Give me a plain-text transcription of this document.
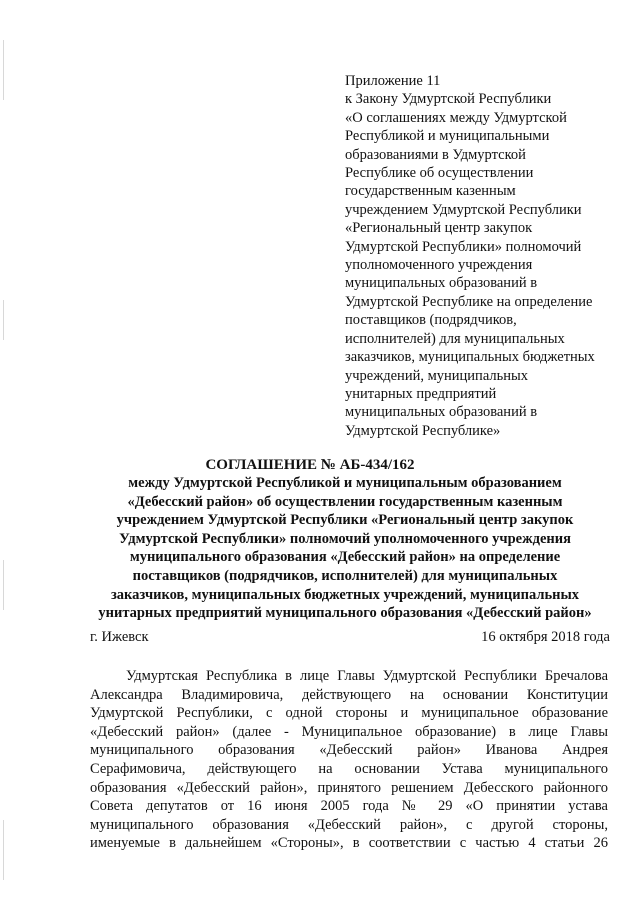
Приложение 11
к Закону Удмуртской Республики
«О соглашениях между Удмуртской
Республикой и муниципальными
образованиями в Удмуртской
Республике об осуществлении
государственным казенным
учреждением Удмуртской Республики
«Региональный центр закупок
Удмуртской Республики» полномочий
уполномоченного учреждения
муниципальных образований в
Удмуртской Республике на определение
поставщиков (подрядчиков,
исполнителей) для муниципальных
заказчиков, муниципальных бюджетных
учреждений, муниципальных
унитарных предприятий
муниципальных образований в
Удмуртской Республике»
СОГЛАШЕНИЕ № АБ-434/162
между Удмуртской Республикой и муниципальным образованием
«Дебесский район» об осуществлении государственным казенным
учреждением Удмуртской Республики «Региональный центр закупок
Удмуртской Республики» полномочий уполномоченного учреждения
муниципального образования «Дебесский район» на определение
поставщиков (подрядчиков, исполнителей) для муниципальных
заказчиков, муниципальных бюджетных учреждений, муниципальных
унитарных предприятий муниципального образования «Дебесский район»
г. Ижевск	16 октября 2018 года
Удмуртская Республика в лице Главы Удмуртской Республики Бречалова
Александра Владимировича, действующего на основании Конституции
Удмуртской Республики, с одной стороны и муниципальное образование
«Дебесский район» (далее - Муниципальное образование) в лице Главы
муниципального образования «Дебесский район» Иванова Андрея
Серафимовича, действующего на основании Устава муниципального
образования «Дебесский район», принятого решением Дебесского районного
Совета депутатов от 16 июня 2005 года № 29 «О принятии устава
муниципального образования «Дебесский район», с другой стороны,
именуемые в дальнейшем «Стороны», в соответствии с частью 4 статьи 26
